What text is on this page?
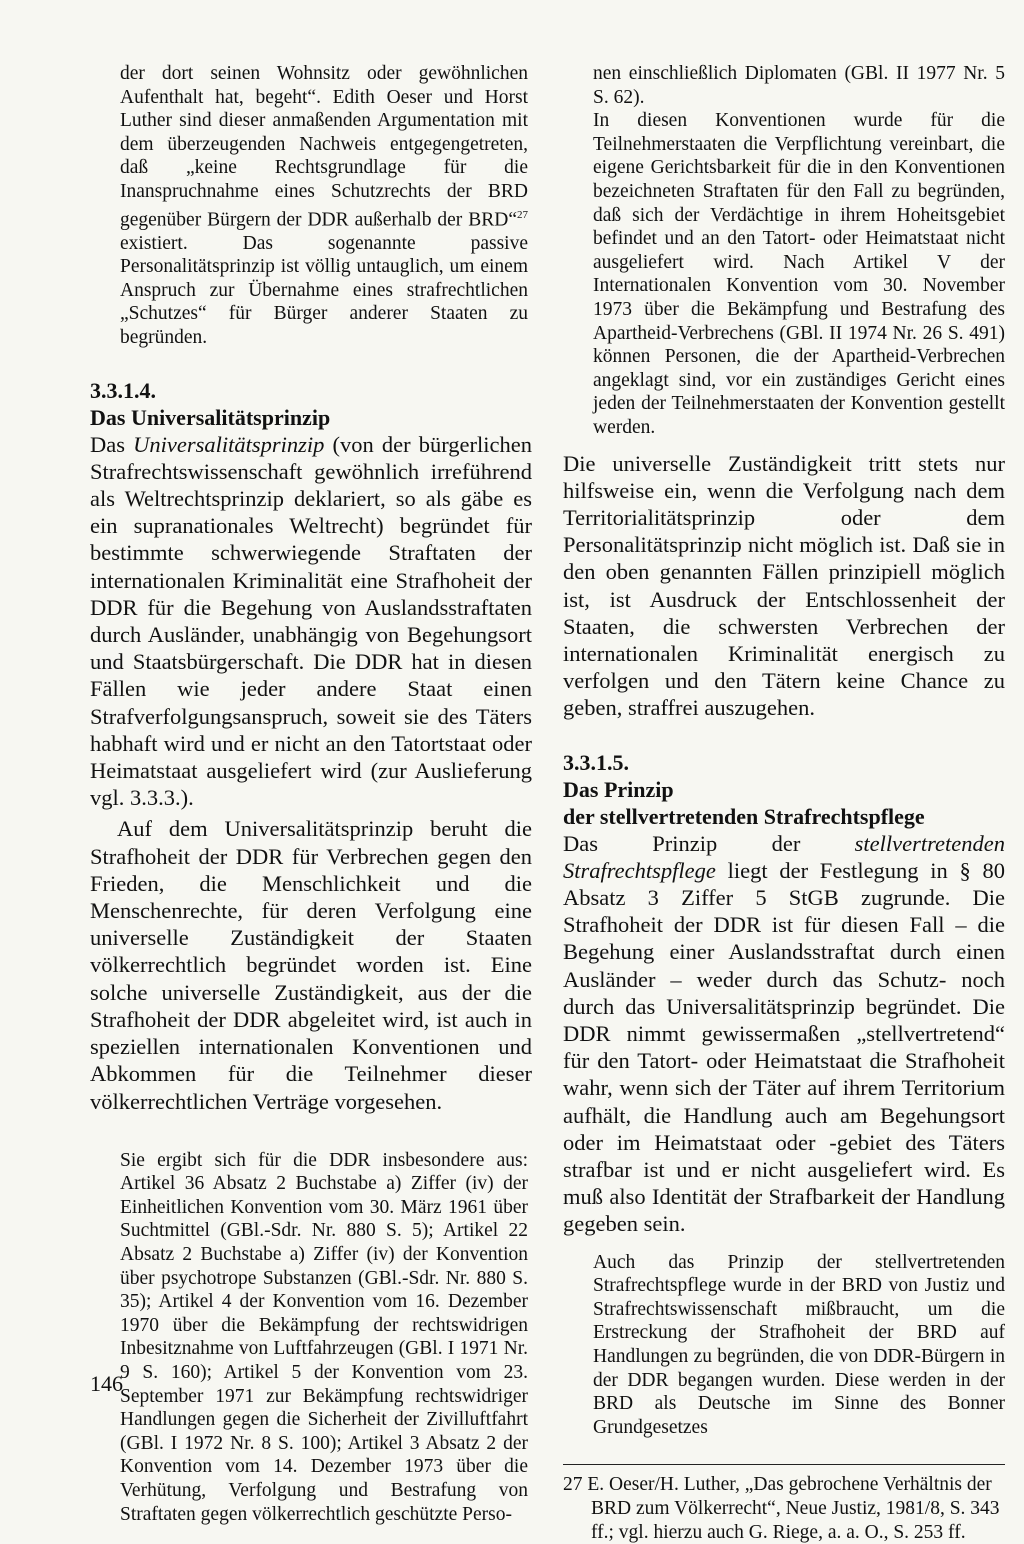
der dort seinen Wohnsitz oder gewöhnlichen Aufenthalt hat, begeht“. Edith Oeser und Horst Luther sind dieser anmaßenden Argumentation mit dem überzeugenden Nachweis entgegengetreten, daß „keine Rechtsgrundlage für die Inanspruchnahme eines Schutzrechts der BRD gegenüber Bürgern der DDR außerhalb der BRD“$^{27}$ existiert. Das sogenannte passive Personalitätsprinzip ist völlig untauglich, um einem Anspruch zur Übernahme eines strafrechtlichen „Schutzes“ für Bürger anderer Staaten zu begründen.

3.3.1.4.
Das Universalitätsprinzip

Das Universalitätsprinzip (von der bürgerlichen Strafrechtswissenschaft gewöhnlich irreführend als Weltrechtsprinzip deklariert, so als gäbe es ein supranationales Weltrecht) begründet für bestimmte schwerwiegende Straftaten der internationalen Kriminalität eine Strafhoheit der DDR für die Begehung von Auslandsstraftaten durch Ausländer, unabhängig von Begehungsort und Staatsbürgerschaft. Die DDR hat in diesen Fällen wie jeder andere Staat einen Strafverfolgungsanspruch, soweit sie des Täters habhaft wird und er nicht an den Tatortstaat oder Heimatstaat ausgeliefert wird (zur Auslieferung vgl. 3.3.3.).

Auf dem Universalitätsprinzip beruht die Strafhoheit der DDR für Verbrechen gegen den Frieden, die Menschlichkeit und die Menschenrechte, für deren Verfolgung eine universelle Zuständigkeit der Staaten völkerrechtlich begründet worden ist. Eine solche universelle Zuständigkeit, aus der die Strafhoheit der DDR abgeleitet wird, ist auch in speziellen internationalen Konventionen und Abkommen für die Teilnehmer dieser völkerrechtlichen Verträge vorgesehen.

Sie ergibt sich für die DDR insbesondere aus: Artikel 36 Absatz 2 Buchstabe a) Ziffer (iv) der Einheitlichen Konvention vom 30. März 1961 über Suchtmittel (GBl.-Sdr. Nr. 880 S. 5); Artikel 22 Absatz 2 Buchstabe a) Ziffer (iv) der Konvention über psychotrope Substanzen (GBl.-Sdr. Nr. 880 S. 35); Artikel 4 der Konvention vom 16. Dezember 1970 über die Bekämpfung der rechtswidrigen Inbesitznahme von Luftfahrzeugen (GBl. I 1971 Nr. 9 S. 160); Artikel 5 der Konvention vom 23. September 1971 zur Bekämpfung rechtswidriger Handlungen gegen die Sicherheit der Zivilluftfahrt (GBl. I 1972 Nr. 8 S. 100); Artikel 3 Absatz 2 der Konvention vom 14. Dezember 1973 über die Verhütung, Verfolgung und Bestrafung von Straftaten gegen völkerrechtlich geschützte Perso-

nen einschließlich Diplomaten (GBl. II 1977 Nr. 5 S. 62).

In diesen Konventionen wurde für die Teilnehmerstaaten die Verpflichtung vereinbart, die eigene Gerichtsbarkeit für die in den Konventionen bezeichneten Straftaten für den Fall zu begründen, daß sich der Verdächtige in ihrem Hoheitsgebiet befindet und an den Tatort- oder Heimatstaat nicht ausgeliefert wird. Nach Artikel V der Internationalen Konvention vom 30. November 1973 über die Bekämpfung und Bestrafung des Apartheid-Verbrechens (GBl. II 1974 Nr. 26 S. 491) können Personen, die der Apartheid-Verbrechen angeklagt sind, vor ein zuständiges Gericht eines jeden der Teilnehmerstaaten der Konvention gestellt werden.

Die universelle Zuständigkeit tritt stets nur hilfsweise ein, wenn die Verfolgung nach dem Territorialitätsprinzip oder dem Personalitätsprinzip nicht möglich ist. Daß sie in den oben genannten Fällen prinzipiell möglich ist, ist Ausdruck der Entschlossenheit der Staaten, die schwersten Verbrechen der internationalen Kriminalität energisch zu verfolgen und den Tätern keine Chance zu geben, straffrei auszugehen.

3.3.1.5.
Das Prinzip
der stellvertretenden Strafrechtspflege

Das Prinzip der stellvertretenden Strafrechtspflege liegt der Festlegung in § 80 Absatz 3 Ziffer 5 StGB zugrunde. Die Strafhoheit der DDR ist für diesen Fall – die Begehung einer Auslandsstraftat durch einen Ausländer – weder durch das Schutz- noch durch das Universalitätsprinzip begründet. Die DDR nimmt gewissermaßen „stellvertretend“ für den Tatort- oder Heimatstaat die Strafhoheit wahr, wenn sich der Täter auf ihrem Territorium aufhält, die Handlung auch am Begehungsort oder im Heimatstaat oder -gebiet des Täters strafbar ist und er nicht ausgeliefert wird. Es muß also Identität der Strafbarkeit der Handlung gegeben sein.

Auch das Prinzip der stellvertretenden Strafrechtspflege wurde in der BRD von Justiz und Strafrechtswissenschaft mißbraucht, um die Erstreckung der Strafhoheit der BRD auf Handlungen zu begründen, die von DDR-Bürgern in der DDR begangen wurden. Diese werden in der BRD als Deutsche im Sinne des Bonner Grundgesetzes

27 E. Oeser/H. Luther, „Das gebrochene Verhältnis der BRD zum Völkerrecht“, Neue Justiz, 1981/8, S. 343 ff.; vgl. hierzu auch G. Riege, a. a. O., S. 253 ff.

146
